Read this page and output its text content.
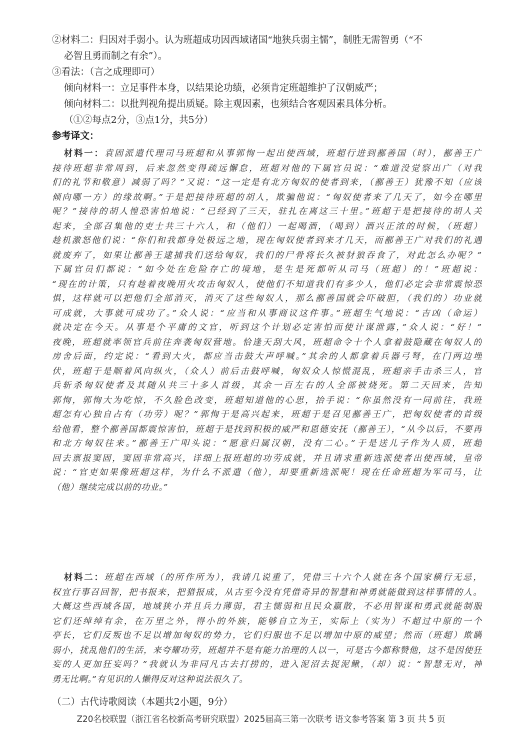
②材料二：归因对手弱小。认为班超成功因西域诸国“地狭兵弱主懦”，制胜无需智勇（“不
必智且勇而制之有余”）。
③看法：（言之成理即可）
倾向材料一：立足事件本身，以结果论功绩，必须肯定班超维护了汉朝威严；
倾向材料二：以批判视角提出质疑。除主观因素，也须结合客观因素具体分析。
（①②每点2分，③点1分，共5分）
参考译文：
材料一：袁固派遣代理司马班超和从事郭恂一起出使西域，班超行进到鄯善国（时），鄯善王广
接待班超非常周到，后来忽然变得疏远懈怠，班超对他的下属官员说：“难道没觉察出广（对我
们的礼节和敬意）减弱了吗？”又说：“这一定是有北方匈奴的使者到来，（鄯善王）犹豫不知（应该
倾向哪一方）的缘故啊。”于是把接待班超的胡人，欺骗他说：“匈奴使者来了几天了，如今在哪里
呢？”接待的胡人惶恐害怕地说：“已经到了三天，驻扎在离这三十里。”班超于是把接待的胡人关
起来，全部召集他的吏士共三十六人，和（他们）一起喝酒，（喝到）酒兴正浓的时候，（班超）
趁机激怒他们说：“你们和我都身处极远之地，现在匈奴使者到来才几天，而鄯善王广对我们的礼遇
就废弃了，如果让鄯善王逮捕我们送给匈奴，我们的尸骨将长久被豺狼吞食了，对此怎么办呢？”
下属官员们都说：“如今处在危险存亡的境地，是生是死都听从司马（班超）的！”班超说：
“现在的计策，只有趁着夜晚用火攻击匈奴人，使他们不知道我们有多少人，他们必定会非常震惊恐
惧，这样就可以把他们全部消灭，消灭了这些匈奴人，那么鄯善国就会吓破胆，（我们的）功业就
可成就，大事就可成功了。”众人说：“应当和从事商议这件事。”班超生气地说：“吉凶（命运）
就决定在今天。从事是个平庸的文官，听到这个计划必定害怕而使计谋泄露，”众人说：“好！”
夜晚，班超就率领官兵前往奔袭匈奴营地。恰逢天刮大风，班超命令十个人拿着鼓隐藏在匈奴人的
房舍后面，约定说：“看到大火，都应当击鼓大声呼喊。”其余的人都拿着兵器弓弩，在门两边埋
伏，班超于是顺着风向纵火，（众人）前后击鼓呼喊，匈奴众人惊慌混乱，班超亲手击杀三人，官
兵斩杀匈奴使者及其随从共三十多人首级，其余一百左右的人全部被烧死。第二天回来，告知
郭恂，郭恂大为吃惊，不久脸色改变，班超知道他的心思，抬手说：“你虽然没有一同前往，我班
超怎有心独自占有（功劳）呢？”郭恂于是高兴起来，班超于是召见鄯善王广，把匈奴使者的首级
给他看，整个鄯善国都震惊害怕，班超于是找到积极的威严和恩德安抚（鄯善王），“从今以后，不要再
和北方匈奴往来。”鄯善王广叩头说：“愿意归属汉朝，没有二心。”于是送儿子作为人质，班超
回去禀报窦固，窦固非常高兴，详细上报班超的功劳成就，并且请求重新选派使者出使西域，皇帝
说：“官吏如果像班超这样，为什么不派遣（他），却要重新选派呢！现在任命班超为军司马，让
（他）继续完成以前的功业。”
材料二：班超在西域（的所作所为），我请几说重了，凭借三十六个人就在各个国家横行无忌，
权宜行事召回智，把书报来，把猎报成，从古至今没有凭借奇异的智慧和神勇就能做到这样事情的人。
大概这些西域各国，地域狭小并且兵力薄弱，君主懦弱和且民众羸散，不必用智谋和勇武就能制服
它们还绰绰有余，在万里之外，得小的外族，能够自立为王，实际上（实为）不超过中原的一个
亭长，它们反叛也不足以增加匈奴的势力，它们归服也不足以增加中原的威望；然而（班超）欺瞒
弱小，扰乱他们的生活，来夸耀功劳，班超并不是有能力治理的人以一，可是古今都称赞他，这不是因使狂
妄的人更加狂妄吗？”我就认为非同凡古去打捞的，进入泥沼去捉泥鳅，（却）说：“智慧无对，神
勇无比啊。”有见识的人懒得反对这种说法很久了。
（二）古代诗歌阅读（本题共2小题，9分）
Z20名校联盟（浙江省名校新高考研究联盟）2025届高三第一次联考 语文参考答案 第 3 页 共 5 页
